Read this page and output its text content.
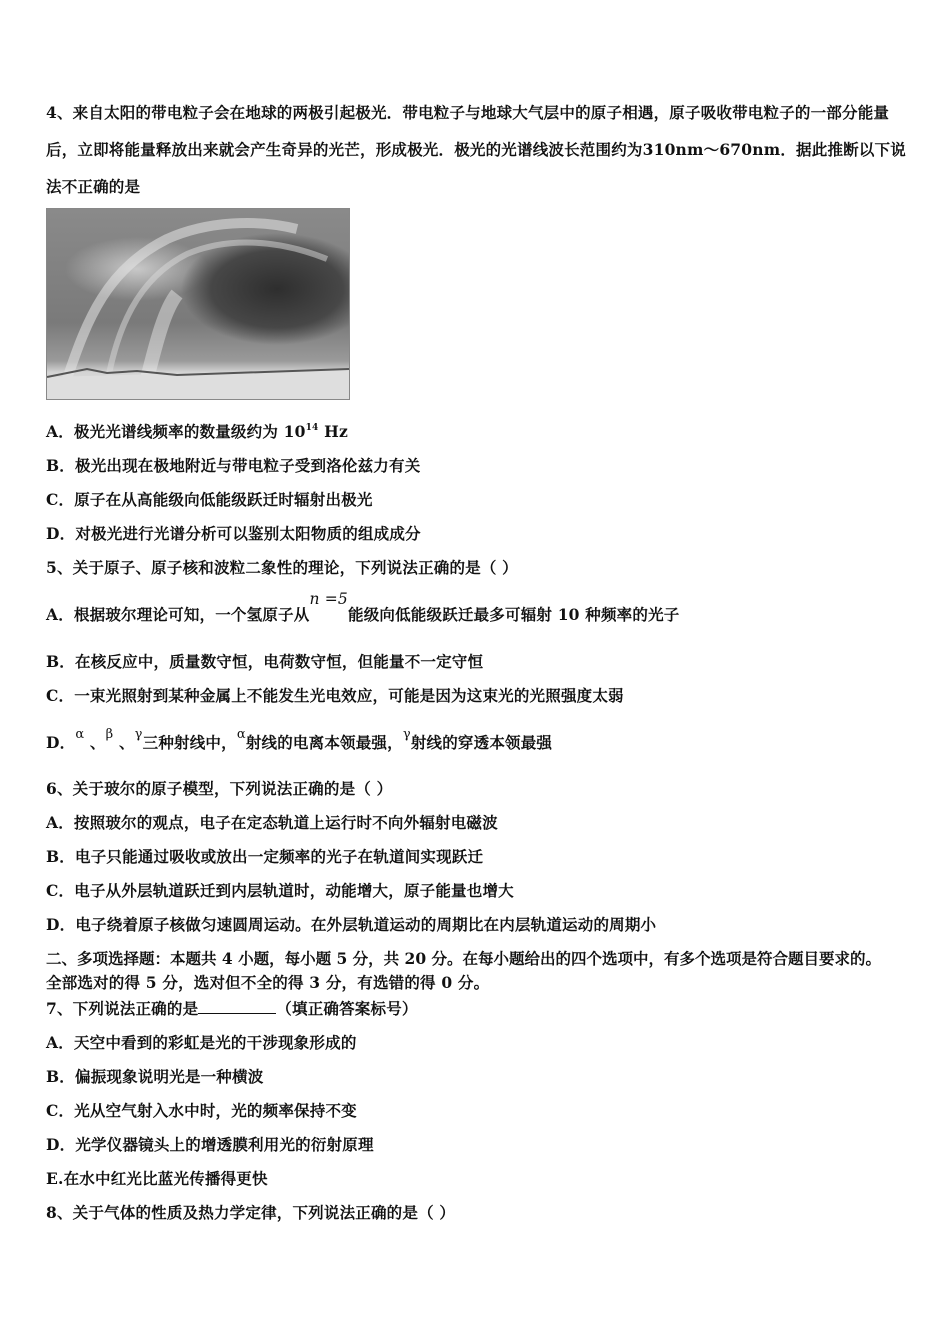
4、来自太阳的带电粒子会在地球的两极引起极光．带电粒子与地球大气层中的原子相遇，原子吸收带电粒子的一部分能量后，立即将能量释放出来就会产生奇异的光芒，形成极光．极光的光谱线波长范围约为310nm～670nm．据此推断以下说法不正确的是
A．极光光谱线频率的数量级约为 $10^{14}$ Hz
B．极光出现在极地附近与带电粒子受到洛伦兹力有关
C．原子在从高能级向低能级跃迁时辐射出极光
D．对极光进行光谱分析可以鉴别太阳物质的组成成分
5、关于原子、原子核和波粒二象性的理论，下列说法正确的是（ ）
A．根据玻尔理论可知，一个氢原子从n =5能级向低能级跃迁最多可辐射 10 种频率的光子
B．在核反应中，质量数守恒，电荷数守恒，但能量不一定守恒
C．一束光照射到某种金属上不能发生光电效应，可能是因为这束光的光照强度太弱
D．$^\alpha$ 、$^\beta$ 、$^\gamma$三种射线中，$^\alpha$射线的电离本领最强，$^\gamma$射线的穿透本领最强
6、关于玻尔的原子模型，下列说法正确的是（ ）
A．按照玻尔的观点，电子在定态轨道上运行时不向外辐射电磁波
B．电子只能通过吸收或放出一定频率的光子在轨道间实现跃迁
C．电子从外层轨道跃迁到内层轨道时，动能增大，原子能量也增大
D．电子绕着原子核做匀速圆周运动。在外层轨道运动的周期比在内层轨道运动的周期小
二、多项选择题：本题共 4 小题，每小题 5 分，共 20 分。在每小题给出的四个选项中，有多个选项是符合题目要求的。
全部选对的得 5 分，选对但不全的得 3 分，有选错的得 0 分。
7、下列说法正确的是	（填正确答案标号）
A．天空中看到的彩虹是光的干涉现象形成的
B．偏振现象说明光是一种横波
C．光从空气射入水中时，光的频率保持不变
D．光学仪器镜头上的增透膜利用光的衍射原理
E.在水中红光比蓝光传播得更快
8、关于气体的性质及热力学定律，下列说法正确的是（ ）
